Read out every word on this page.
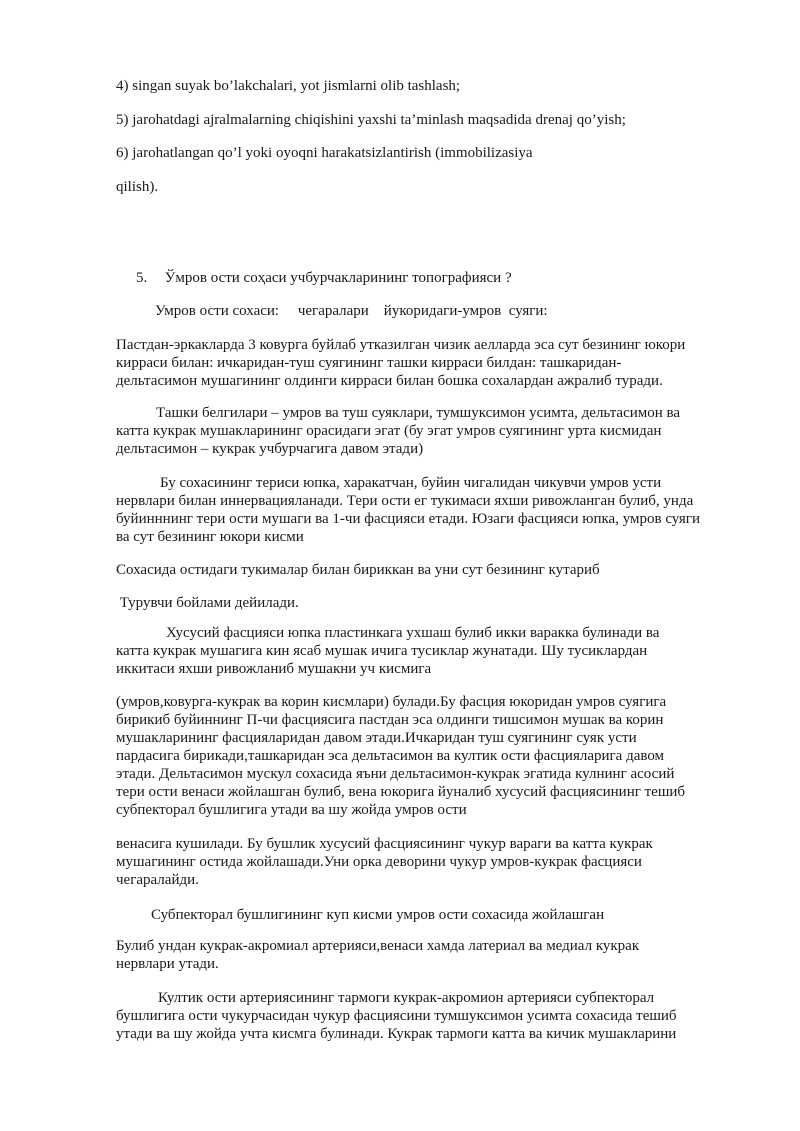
4) singan suyak bo’lakchalari, yot jismlarni olib tashlash;
5) jarohatdagi ajralmalarning chiqishini yaxshi ta’minlash maqsadida drenaj qo’yish;
6) jarohatlangan qo’l yoki oyoqni harakatsizlantirish (immobilizasiya
qilish).
5. Ўмров ости соҳаси учбурчакларининг топографияси ?
Умров ости сохаси:     чегаралари    йукоридаги-умров  суяги:
Пастдан-эркакларда 3 ковурга буйлаб утказилган чизик аелларда эса сут безининг юкори
кирраси билан: ичкаридан-туш суягининг ташки кирраси билдан: ташкаридан-
дельтасимон мушагининг олдинги кирраси билан бошка сохалардан ажралиб туради.
Ташки белгилари – умров ва туш суяклари, тумшуксимон усимта, дельтасимон ва
катта кукрак мушакларининг орасидаги эгат (бу эгат умров суягининг урта кисмидан
дельтасимон – кукрак учбурчагига давом этади)
Бу сохасининг териси юпка, харакатчан, буйин чигалидан чикувчи умров усти
нервлари билан иннервацияланади. Тери ости ег тукимаси яхши ривожланган булиб, унда
буйинннинг тери ости мушаги ва 1-чи фасцияси етади. Юзаги фасцияси юпка, умров суяги
ва сут безининг юкори кисми
Сохасида остидаги тукималар билан бириккан ва уни сут безининг кутариб
Турувчи бойлами дейилади.
Хусусий фасцияси юпка пластинкага ухшаш булиб икки варакка булинади ва
катта кукрак мушагига кин ясаб мушак ичига тусиклар жунатади. Шу тусиклардан
иккитаси яхши ривожланиб мушакни уч кисмига
(умров,ковурга-кукрак ва корин кисмлари) булади.Бу фасция юкоридан умров суягига
бирикиб буйиннинг П-чи фасциясига пастдан эса олдинги тишсимон мушак ва корин
мушакларининг фасцияларидан давом этади.Ичкаридан туш суягининг суяк усти
пардасига бирикади,ташкаридан эса дельтасимон ва култик ости фасцияларига давом
этади. Дельтасимон мускул сохасида яъни дельтасимон-кукрак эгатида кулнинг асосий
тери ости венаси жойлашган булиб, вена юкорига йуналиб хусусий фасциясининг тешиб
субпекторал бушлигига утади ва шу жойда умров ости
венасига кушилади. Бу бушлик хусусий фасциясининг чукур вараги ва катта кукрак
мушагининг остида жойлашади.Уни орка деворини чукур умров-кукрак фасцияси
чегаралайди.
Субпекторал бушлигининг куп кисми умров ости сохасида жойлашган
Булиб ундан кукрак-акромиал артерияси,венаси хамда латериал ва медиал кукрак
нервлари утади.
Култик ости артериясининг тармоги кукрак-акромион артерияси субпекторал
бушлигига ости чукурчасидан чукур фасциясини тумшуксимон усимта сохасида тешиб
утади ва шу жойда учта кисмга булинади. Кукрак тармоги катта ва кичик мушакларини
